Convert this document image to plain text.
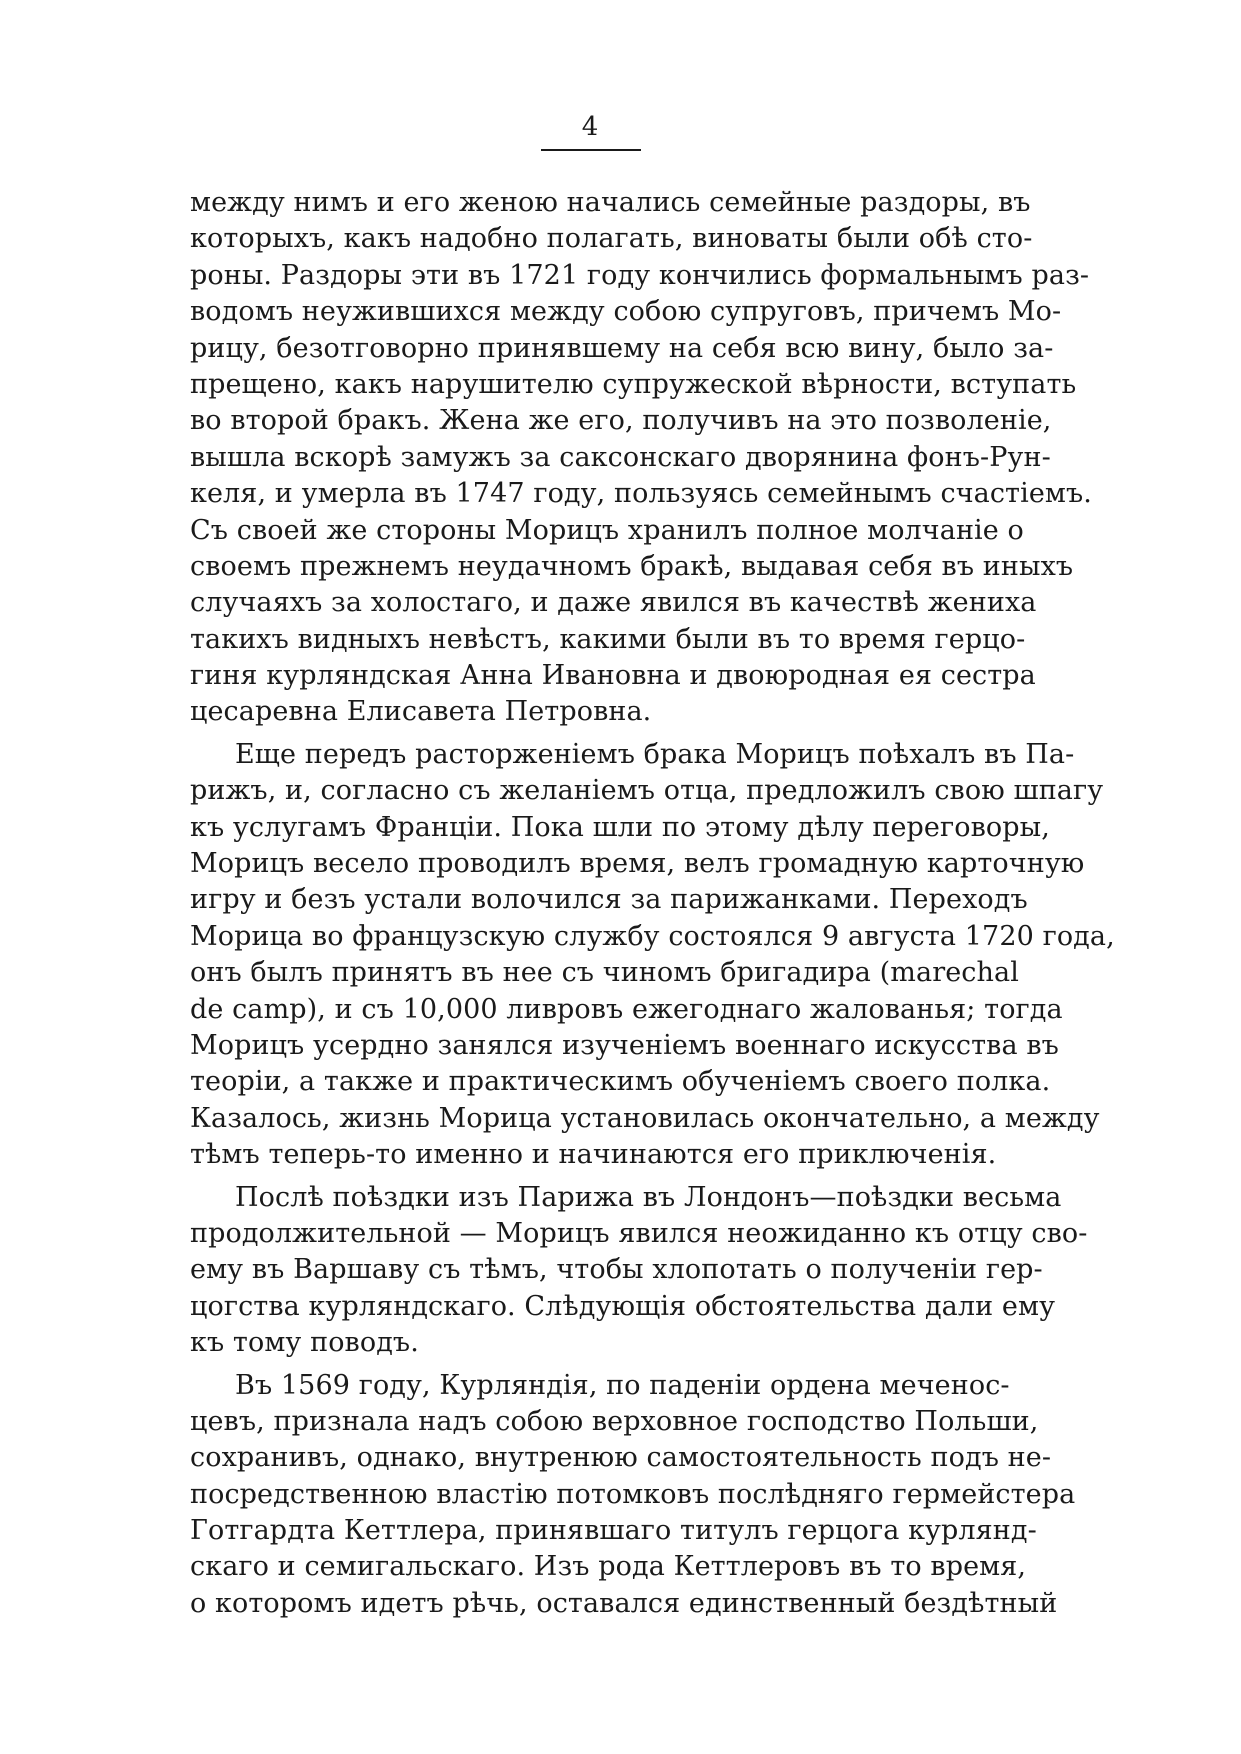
4
между нимъ и его женою начались семейные раздоры, въ
которыхъ, какъ надобно полагать, виноваты были обѣ сто-
роны. Раздоры эти въ 1721 году кончились формальнымъ раз-
водомъ неужившихся между собою супруговъ, причемъ Мо-
рицу, безотговорно принявшему на себя всю вину, было за-
прещено, какъ нарушителю супружеской вѣрности, вступать
во второй бракъ. Жена же его, получивъ на это позволеніе,
вышла вскорѣ замужъ за саксонскаго дворянина фонъ-Рун-
келя, и умерла въ 1747 году, пользуясь семейнымъ счастіемъ.
Съ своей же стороны Морицъ хранилъ полное молчаніе о
своемъ прежнемъ неудачномъ бракѣ, выдавая себя въ иныхъ
случаяхъ за холостаго, и даже явился въ качествѣ жениха
такихъ видныхъ невѣстъ, какими были въ то время герцо-
гиня курляндская Анна Ивановна и двоюродная ея сестра
цесаревна Елисавета Петровна.
Еще передъ расторженіемъ брака Морицъ поѣхалъ въ Па-
рижъ, и, согласно съ желаніемъ отца, предложилъ свою шпагу
къ услугамъ Франціи. Пока шли по этому дѣлу переговоры,
Морицъ весело проводилъ время, велъ громадную карточную
игру и безъ устали волочился за парижанками. Переходъ
Морица во французскую службу состоялся 9 августа 1720 года,
онъ былъ принятъ въ нее съ чиномъ бригадира (marechal
de camp), и съ 10,000 ливровъ ежегоднаго жалованья; тогда
Морицъ усердно занялся изученіемъ военнаго искусства въ
теоріи, а также и практическимъ обученіемъ своего полка.
Казалось, жизнь Морица установилась окончательно, а между
тѣмъ теперь-то именно и начинаются его приключенія.
Послѣ поѣздки изъ Парижа въ Лондонъ—поѣздки весьма
продолжительной — Морицъ явился неожиданно къ отцу сво-
ему въ Варшаву съ тѣмъ, чтобы хлопотать о полученіи гер-
цогства курляндскаго. Слѣдующія обстоятельства дали ему
къ тому поводъ.
Въ 1569 году, Курляндія, по паденіи ордена меченос-
цевъ, признала надъ собою верховное господство Польши,
сохранивъ, однако, внутренюю самостоятельность подъ не-
посредственною властію потомковъ послѣдняго гермейстера
Готгардта Кеттлера, принявшаго титулъ герцога курлянд-
скаго и семигальскаго. Изъ рода Кеттлеровъ въ то время,
о которомъ идетъ рѣчь, оставался единственный бездѣтный
